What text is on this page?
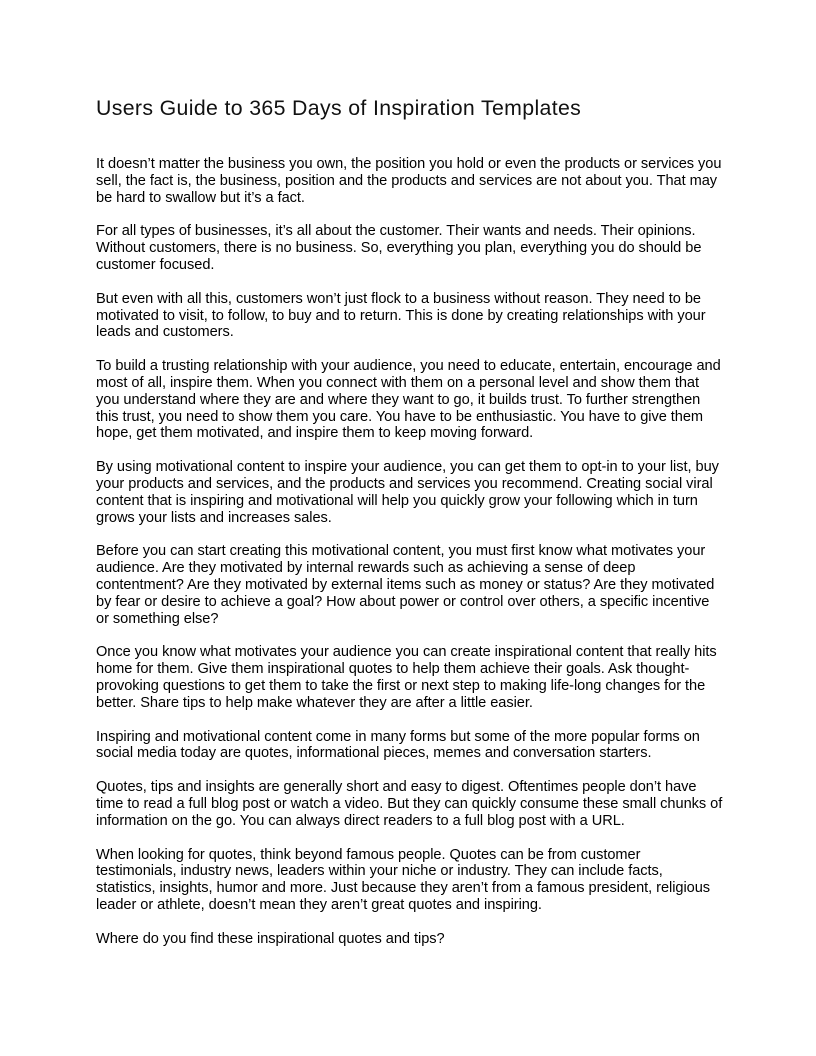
Users Guide to 365 Days of Inspiration Templates

It doesn’t matter the business you own, the position you hold or even the products or services you sell, the fact is, the business, position and the products and services are not about you. That may be hard to swallow but it’s a fact.

For all types of businesses, it’s all about the customer. Their wants and needs. Their opinions. Without customers, there is no business. So, everything you plan, everything you do should be customer focused.

But even with all this, customers won’t just flock to a business without reason. They need to be motivated to visit, to follow, to buy and to return. This is done by creating relationships with your leads and customers.

To build a trusting relationship with your audience, you need to educate, entertain, encourage and most of all, inspire them. When you connect with them on a personal level and show them that you understand where they are and where they want to go, it builds trust. To further strengthen this trust, you need to show them you care. You have to be enthusiastic. You have to give them hope, get them motivated, and inspire them to keep moving forward.

By using motivational content to inspire your audience, you can get them to opt-in to your list, buy your products and services, and the products and services you recommend. Creating social viral content that is inspiring and motivational will help you quickly grow your following which in turn grows your lists and increases sales.

Before you can start creating this motivational content, you must first know what motivates your audience. Are they motivated by internal rewards such as achieving a sense of deep contentment? Are they motivated by external items such as money or status? Are they motivated by fear or desire to achieve a goal? How about power or control over others, a specific incentive or something else?

Once you know what motivates your audience you can create inspirational content that really hits home for them. Give them inspirational quotes to help them achieve their goals. Ask thought-provoking questions to get them to take the first or next step to making life-long changes for the better. Share tips to help make whatever they are after a little easier.

Inspiring and motivational content come in many forms but some of the more popular forms on social media today are quotes, informational pieces, memes and conversation starters.

Quotes, tips and insights are generally short and easy to digest. Oftentimes people don’t have time to read a full blog post or watch a video. But they can quickly consume these small chunks of information on the go. You can always direct readers to a full blog post with a URL.

When looking for quotes, think beyond famous people. Quotes can be from customer testimonials, industry news, leaders within your niche or industry. They can include facts, statistics, insights, humor and more. Just because they aren’t from a famous president, religious leader or athlete, doesn’t mean they aren’t great quotes and inspiring.

Where do you find these inspirational quotes and tips?
